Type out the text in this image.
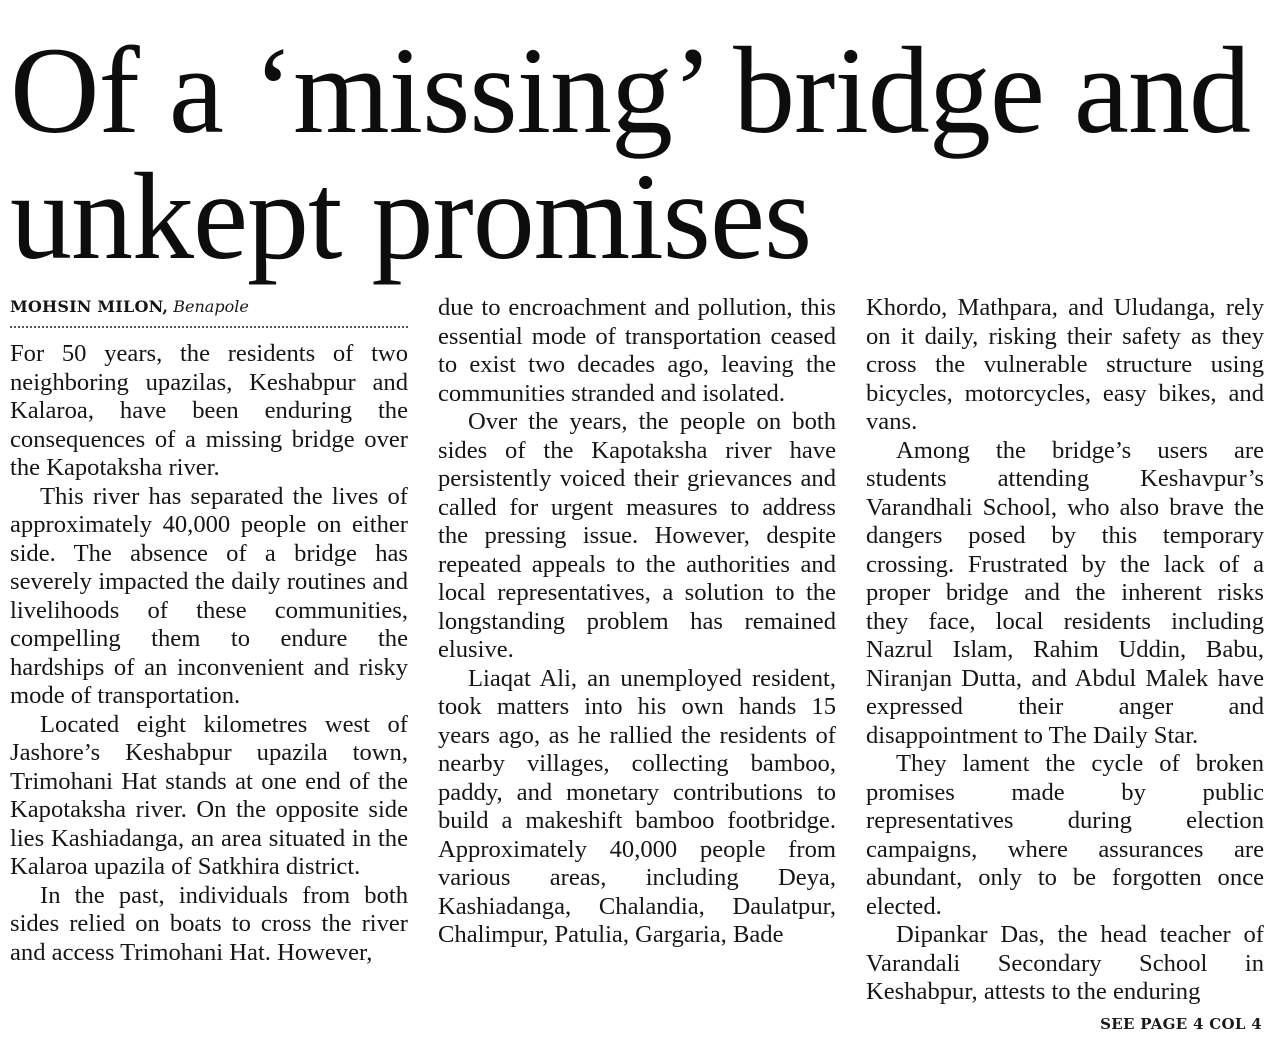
Of a ‘missing’ bridge and unkept promises
MOHSIN MILON, Benapole

For 50 years, the residents of two neighboring upazilas, Keshabpur and Kalaroa, have been enduring the consequences of a missing bridge over the Kapotaksha river.

This river has separated the lives of approximately 40,000 people on either side. The absence of a bridge has severely impacted the daily routines and livelihoods of these communities, compelling them to endure the hardships of an inconvenient and risky mode of transportation.

Located eight kilometres west of Jashore’s Keshabpur upazila town, Trimohani Hat stands at one end of the Kapotaksha river. On the opposite side lies Kashiadanga, an area situated in the Kalaroa upazila of Satkhira district.

In the past, individuals from both sides relied on boats to cross the river and access Trimohani Hat. However,

due to encroachment and pollution, this essential mode of transportation ceased to exist two decades ago, leaving the communities stranded and isolated.

Over the years, the people on both sides of the Kapotaksha river have persistently voiced their grievances and called for urgent measures to address the pressing issue. However, despite repeated appeals to the authorities and local representatives, a solution to the longstanding problem has remained elusive.

Liaqat Ali, an unemployed resident, took matters into his own hands 15 years ago, as he rallied the residents of nearby villages, collecting bamboo, paddy, and monetary contributions to build a makeshift bamboo footbridge. Approximately 40,000 people from various areas, including Deya, Kashiadanga, Chalandia, Daulatpur, Chalimpur, Patulia, Gargaria, Bade

Khordo, Mathpara, and Uludanga, rely on it daily, risking their safety as they cross the vulnerable structure using bicycles, motorcycles, easy bikes, and vans.

Among the bridge’s users are students attending Keshavpur’s Varandhali School, who also brave the dangers posed by this temporary crossing. Frustrated by the lack of a proper bridge and the inherent risks they face, local residents including Nazrul Islam, Rahim Uddin, Babu, Niranjan Dutta, and Abdul Malek have expressed their anger and disappointment to The Daily Star.

They lament the cycle of broken promises made by public representatives during election campaigns, where assurances are abundant, only to be forgotten once elected.

Dipankar Das, the head teacher of Varandali Secondary School in Keshabpur, attests to the enduring

SEE PAGE 4 COL 4
